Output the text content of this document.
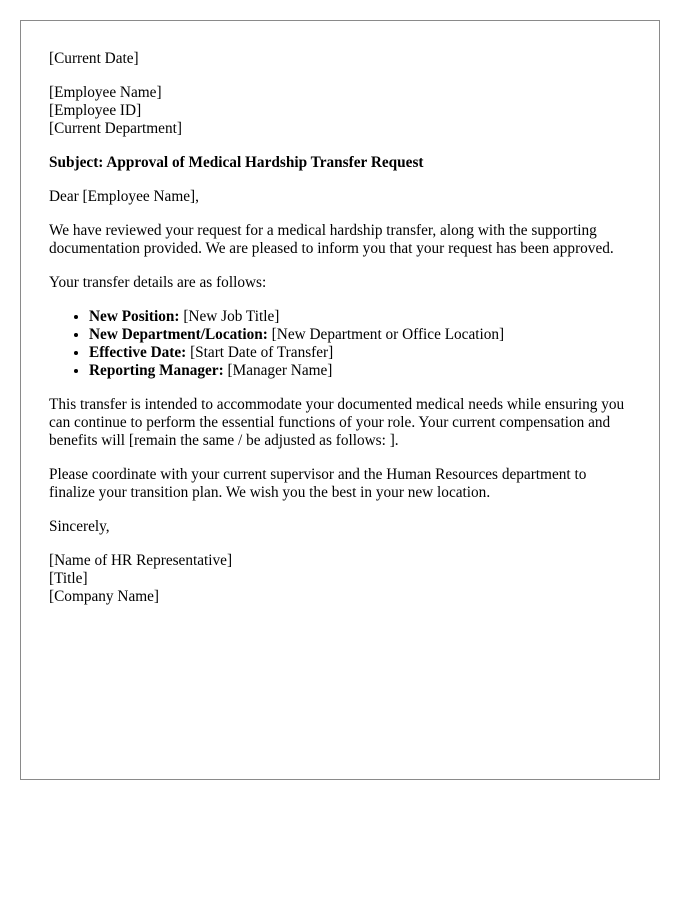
[Current Date]

[Employee Name]
[Employee ID]
[Current Department]

Subject: Approval of Medical Hardship Transfer Request

Dear [Employee Name],

We have reviewed your request for a medical hardship transfer, along with the supporting documentation provided. We are pleased to inform you that your request has been approved.

Your transfer details are as follows:

• New Position: [New Job Title]
• New Department/Location: [New Department or Office Location]
• Effective Date: [Start Date of Transfer]
• Reporting Manager: [Manager Name]

This transfer is intended to accommodate your documented medical needs while ensuring you can continue to perform the essential functions of your role. Your current compensation and benefits will [remain the same / be adjusted as follows: ].

Please coordinate with your current supervisor and the Human Resources department to finalize your transition plan. We wish you the best in your new location.

Sincerely,

[Name of HR Representative]
[Title]
[Company Name]
